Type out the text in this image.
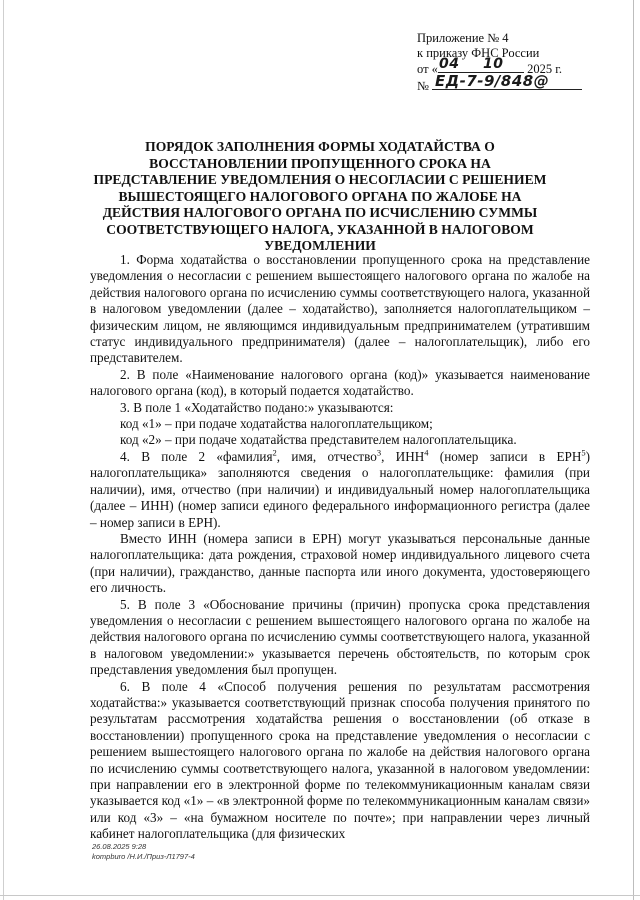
Приложение № 4
к приказу ФНС России
от «	2025 г.
04 10
№ ЕД-7-9/848@
ПОРЯДОК ЗАПОЛНЕНИЯ ФОРМЫ ХОДАТАЙСТВА О ВОССТАНОВЛЕНИИ ПРОПУЩЕННОГО СРОКА НА ПРЕДСТАВЛЕНИЕ УВЕДОМЛЕНИЯ О НЕСОГЛАСИИ С РЕШЕНИЕМ ВЫШЕСТОЯЩЕГО НАЛОГОВОГО ОРГАНА ПО ЖАЛОБЕ НА ДЕЙСТВИЯ НАЛОГОВОГО ОРГАНА ПО ИСЧИСЛЕНИЮ СУММЫ СООТВЕТСТВУЮЩЕГО НАЛОГА, УКАЗАННОЙ В НАЛОГОВОМ УВЕДОМЛЕНИИ

1. Форма ходатайства о восстановлении пропущенного срока на представление уведомления о несогласии с решением вышестоящего налогового органа по жалобе на действия налогового органа по исчислению суммы соответствующего налога, указанной в налоговом уведомлении (далее – ходатайство), заполняется налогоплательщиком – физическим лицом, не являющимся индивидуальным предпринимателем (утратившим статус индивидуального предпринимателя) (далее – налогоплательщик), либо его представителем.

2. В поле «Наименование налогового органа (код)» указывается наименование налогового органа (код), в который подается ходатайство.

3. В поле 1 «Ходатайство подано:» указываются:

код «1» – при подаче ходатайства налогоплательщиком;

код «2» – при подаче ходатайства представителем налогоплательщика.

4. В поле 2 «фамилия$^2$, имя, отчество$^3$, ИНН$^4$ (номер записи в ЕРН$^5$) налогоплательщика» заполняются сведения о налогоплательщике: фамилия (при наличии), имя, отчество (при наличии) и индивидуальный номер налогоплательщика (далее – ИНН) (номер записи единого федерального информационного регистра (далее – номер записи в ЕРН).

Вместо ИНН (номера записи в ЕРН) могут указываться персональные данные налогоплательщика: дата рождения, страховой номер индивидуального лицевого счета (при наличии), гражданство, данные паспорта или иного документа, удостоверяющего его личность.

5. В поле 3 «Обоснование причины (причин) пропуска срока представления уведомления о несогласии с решением вышестоящего налогового органа по жалобе на действия налогового органа по исчислению суммы соответствующего налога, указанной в налоговом уведомлении:» указывается перечень обстоятельств, по которым срок представления уведомления был пропущен.

6. В поле 4 «Способ получения решения по результатам рассмотрения ходатайства:» указывается соответствующий признак способа получения принятого по результатам рассмотрения ходатайства решения о восстановлении (об отказе в восстановлении) пропущенного срока на представление уведомления о несогласии с решением вышестоящего налогового органа по жалобе на действия налогового органа по исчислению суммы соответствующего налога, указанной в налоговом уведомлении: при направлении его в электронной форме по телекоммуникационным каналам связи указывается код «1» – «в электронной форме по телекоммуникационным каналам связи» или код «3» – «на бумажном носителе по почте»; при направлении через личный кабинет налогоплательщика (для физических

26.08.2025 9:28
kompburo /Н.И./Приз-Л1797-4
